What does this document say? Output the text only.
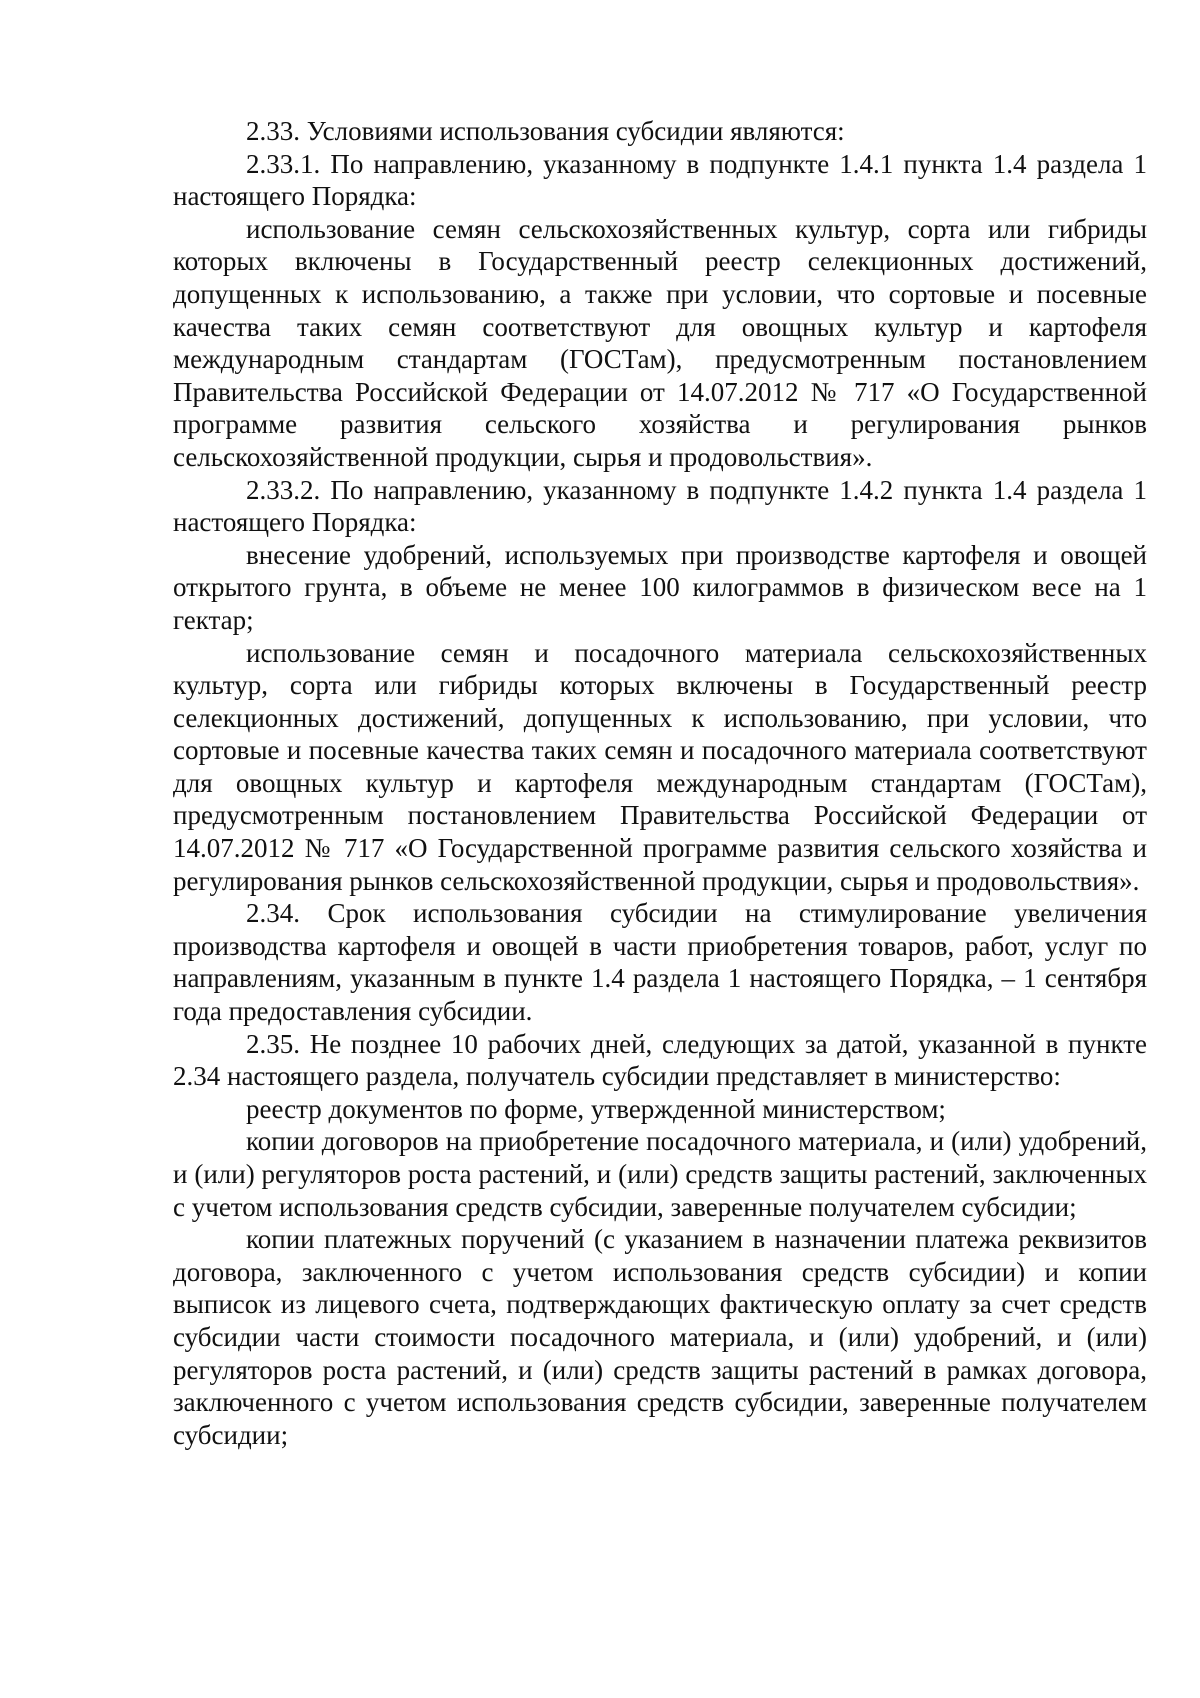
2.33. Условиями использования субсидии являются:

2.33.1. По направлению, указанному в подпункте 1.4.1 пункта 1.4 раздела 1 настоящего Порядка:

использование семян сельскохозяйственных культур, сорта или гибриды которых включены в Государственный реестр селекционных достижений, допущенных к использованию, а также при условии, что сортовые и посевные качества таких семян соответствуют для овощных культур и картофеля международным стандартам (ГОСТам), предусмотренным постановлением Правительства Российской Федерации от 14.07.2012 № 717 «О Государственной программе развития сельского хозяйства и регулирования рынков сельскохозяйственной продукции, сырья и продовольствия».

2.33.2. По направлению, указанному в подпункте 1.4.2 пункта 1.4 раздела 1 настоящего Порядка:

внесение удобрений, используемых при производстве картофеля и овощей открытого грунта, в объеме не менее 100 килограммов в физическом весе на 1 гектар;

использование семян и посадочного материала сельскохозяйственных культур, сорта или гибриды которых включены в Государственный реестр селекционных достижений, допущенных к использованию, при условии, что сортовые и посевные качества таких семян и посадочного материала соответствуют для овощных культур и картофеля международным стандартам (ГОСТам), предусмотренным постановлением Правительства Российской Федерации от 14.07.2012 № 717 «О Государственной программе развития сельского хозяйства и регулирования рынков сельскохозяйственной продукции, сырья и продовольствия».

2.34. Срок использования субсидии на стимулирование увеличения производства картофеля и овощей в части приобретения товаров, работ, услуг по направлениям, указанным в пункте 1.4 раздела 1 настоящего Порядка, – 1 сентября года предоставления субсидии.

2.35. Не позднее 10 рабочих дней, следующих за датой, указанной в пункте 2.34 настоящего раздела, получатель субсидии представляет в министерство:

реестр документов по форме, утвержденной министерством;

копии договоров на приобретение посадочного материала, и (или) удобрений, и (или) регуляторов роста растений, и (или) средств защиты растений, заключенных с учетом использования средств субсидии, заверенные получателем субсидии;

копии платежных поручений (с указанием в назначении платежа реквизитов договора, заключенного с учетом использования средств субсидии) и копии выписок из лицевого счета, подтверждающих фактическую оплату за счет средств субсидии части стоимости посадочного материала, и (или) удобрений, и (или) регуляторов роста растений, и (или) средств защиты растений в рамках договора, заключенного с учетом использования средств субсидии, заверенные получателем субсидии;
